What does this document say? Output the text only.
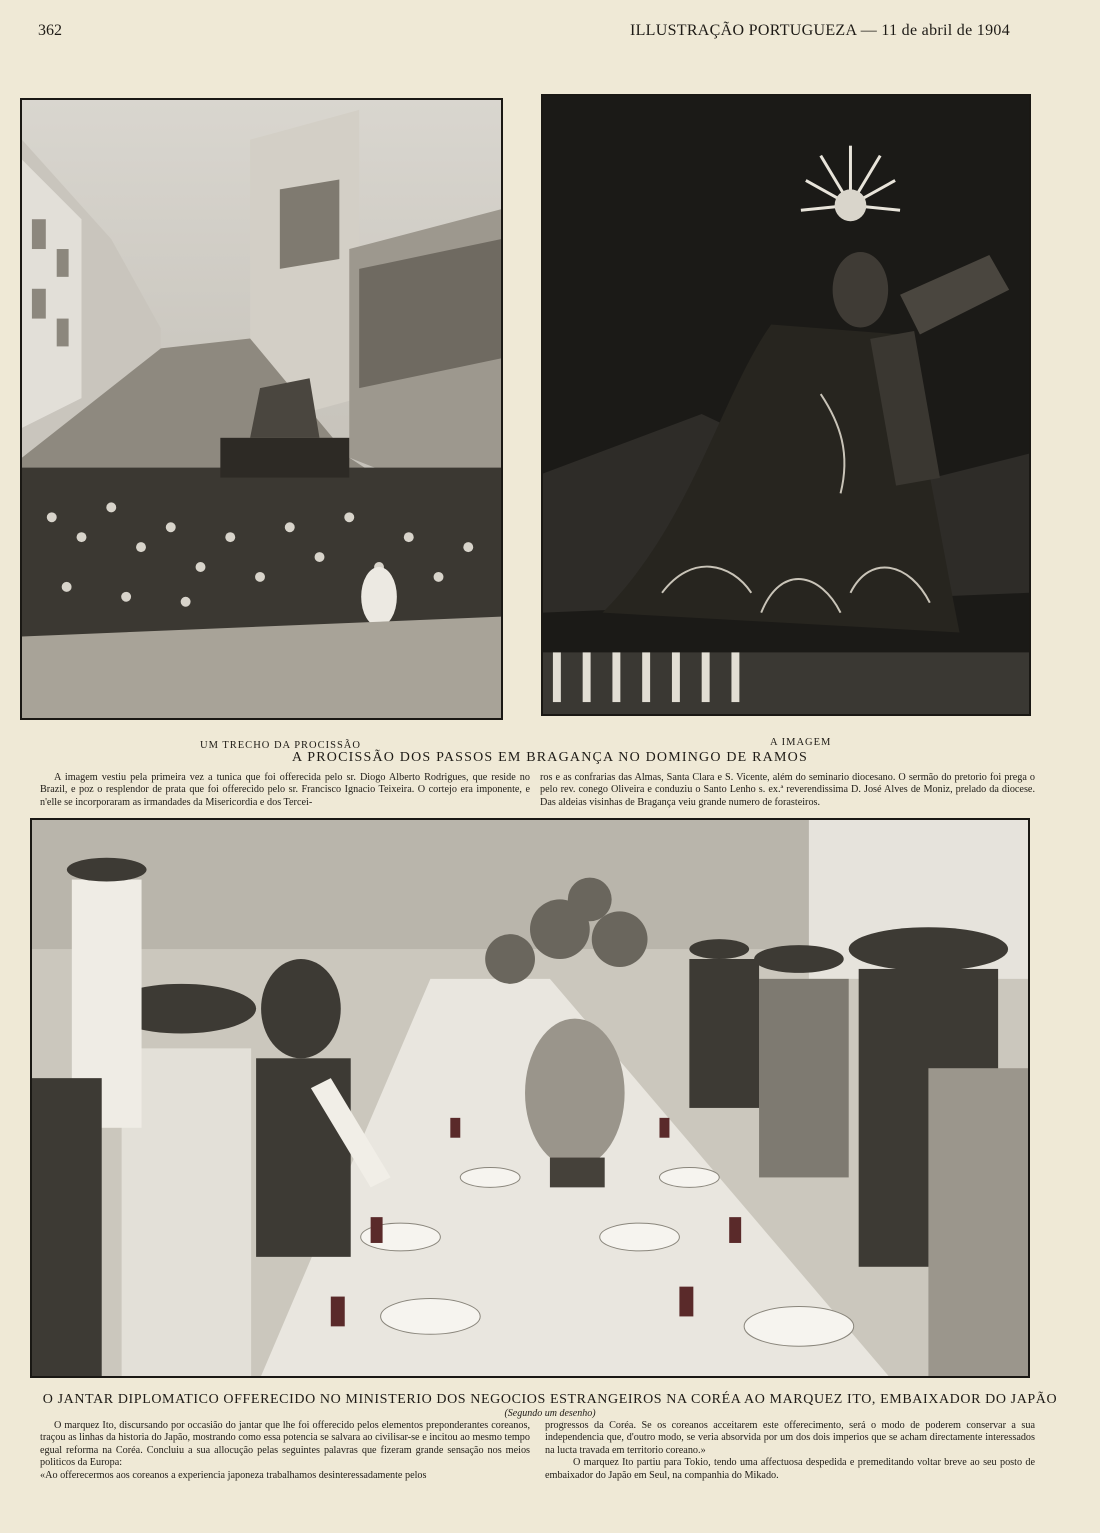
362	ILLUSTRAÇÃO PORTUGUEZA — 11 de abril de 1904
UM TRECHO DA PROCISSÃO	A IMAGEM
A PROCISSÃO DOS PASSOS EM BRAGANÇA NO DOMINGO DE RAMOS
A imagem vestiu pela primeira vez a tunica que foi offerecida pelo sr. Diogo Alberto Rodrigues, que reside no Brazil, e poz o resplendor de prata que foi offerecido pelo sr. Francisco Ignacio Teixeira. O cortejo era imponente, e n'elle se incorporaram as irmandades da Misericordia e dos Tercei-
ros e as confrarias das Almas, Santa Clara e S. Vicente, além do seminario diocesano. O sermão do pretorio foi prega o pelo rev. conego Oliveira e conduziu o Santo Lenho s. ex.ª reverendissima D. José Alves de Moniz, prelado da diocese. Das aldeias visinhas de Bragança veiu grande numero de forasteiros.
O JANTAR DIPLOMATICO OFFERECIDO NO MINISTERIO DOS NEGOCIOS ESTRANGEIROS NA CORÉA AO MARQUEZ ITO, EMBAIXADOR DO JAPÃO
(Segundo um desenho)
O marquez Ito, discursando por occasião do jantar que lhe foi offerecido pelos elementos preponderantes coreanos, traçou as linhas da historia do Japão, mostrando como essa potencia se salvara ao civilisar-se e incitou ao mesmo tempo egual reforma na Coréa. Concluiu a sua allocução pelas seguintes palavras que fizeram grande sensação nos meios politicos da Europa:
«Ao offerecermos aos coreanos a experiencia japoneza trabalhamos desinteressadamente pelos
progressos da Coréa. Se os coreanos acceitarem este offerecimento, será o modo de poderem conservar a sua independencia que, d'outro modo, se veria absorvida por um dos dois imperios que se acham directamente interessados na lucta travada em territorio coreano.»
O marquez Ito partiu para Tokio, tendo uma affectuosa despedida e premeditando voltar breve ao seu posto de embaixador do Japão em Seul, na companhia do Mikado.
